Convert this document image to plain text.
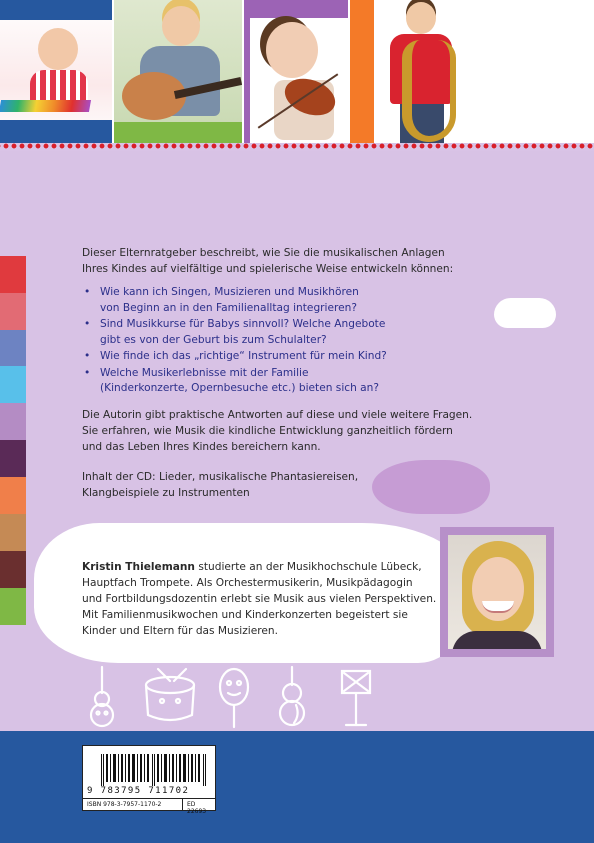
Dieser Elternratgeber beschreibt, wie Sie die musikalischen Anlagen
Ihres Kindes auf vielfältige und spielerische Weise entwickeln können:
• Wie kann ich Singen, Musizieren und Musikhören
von Beginn an in den Familienalltag integrieren?
• Sind Musikkurse für Babys sinnvoll? Welche Angebote
gibt es von der Geburt bis zum Schulalter?
• Wie finde ich das „richtige“ Instrument für mein Kind?
• Welche Musikerlebnisse mit der Familie
(Kinderkonzerte, Opernbesuche etc.) bieten sich an?
Die Autorin gibt praktische Antworten auf diese und viele weitere Fragen.
Sie erfahren, wie Musik die kindliche Entwicklung ganzheitlich fördern
und das Leben Ihres Kindes bereichern kann.
Inhalt der CD: Lieder, musikalische Phantasiereisen,
Klangbeispiele zu Instrumenten
Kristin Thielemann studierte an der Musikhochschule Lübeck,
Hauptfach Trompete. Als Orchestermusikerin, Musikpädagogin
und Fortbildungsdozentin erlebt sie Musik aus vielen Perspektiven.
Mit Familienmusikwochen und Kinderkonzerten begeistert sie
Kinder und Eltern für das Musizieren.
9 783795 711702
ISBN 978-3-7957-1170-2	ED 22693
